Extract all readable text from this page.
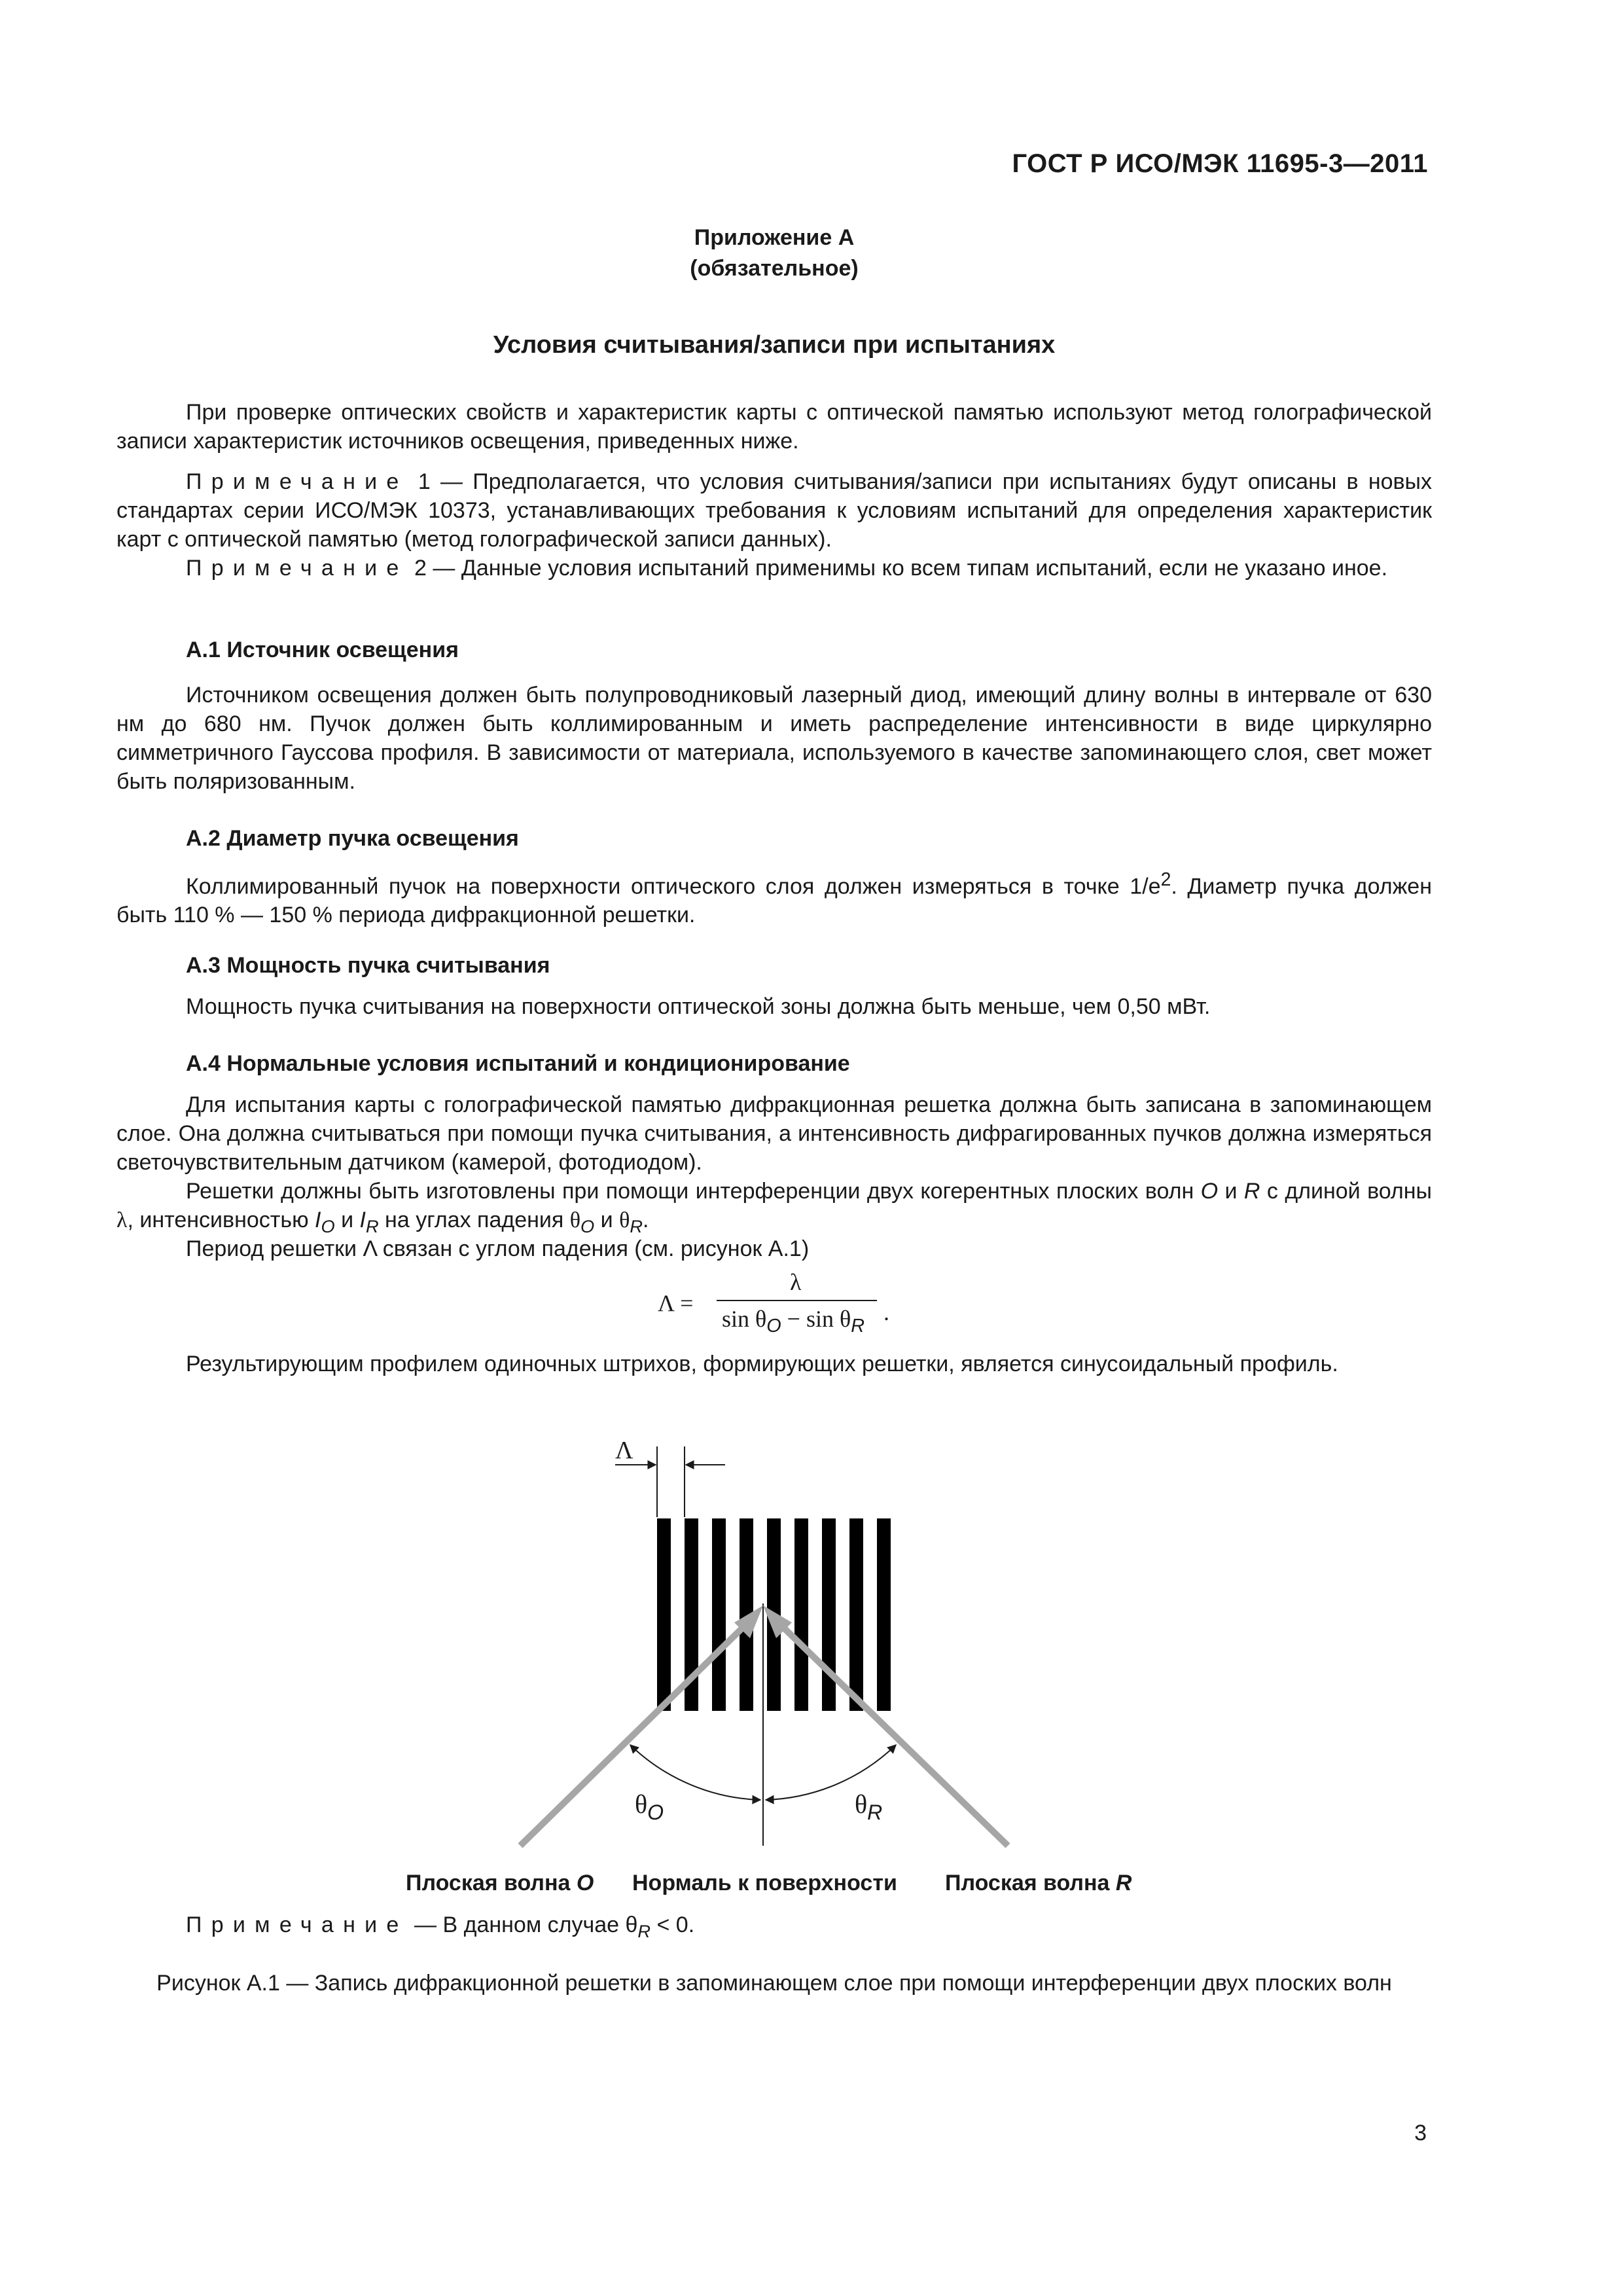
ГОСТ Р ИСО/МЭК 11695-3—2011
Приложение А
(обязательное)
Условия считывания/записи при испытаниях
При проверке оптических свойств и характеристик карты с оптической памятью используют метод голографической записи характеристик источников освещения, приведенных ниже.
Примечание 1 — Предполагается, что условия считывания/записи при испытаниях будут описаны в новых стандартах серии ИСО/МЭК 10373, устанавливающих требования к условиям испытаний для определения характеристик карт с оптической памятью (метод голографической записи данных).
Примечание 2 — Данные условия испытаний применимы ко всем типам испытаний, если не указано иное.
А.1 Источник освещения
Источником освещения должен быть полупроводниковый лазерный диод, имеющий длину волны в интервале от 630 нм до 680 нм. Пучок должен быть коллимированным и иметь распределение интенсивности в виде циркулярно симметричного Гауссова профиля. В зависимости от материала, используемого в качестве запоминающего слоя, свет может быть поляризованным.
А.2 Диаметр пучка освещения
Коллимированный пучок на поверхности оптического слоя должен измеряться в точке $1/e^2$. Диаметр пучка должен быть 110 % — 150 % периода дифракционной решетки.
А.3 Мощность пучка считывания
Мощность пучка считывания на поверхности оптической зоны должна быть меньше, чем 0,50 мВт.
А.4 Нормальные условия испытаний и кондиционирование
Для испытания карты с голографической памятью дифракционная решетка должна быть записана в запоминающем слое. Она должна считываться при помощи пучка считывания, а интенсивность дифрагированных пучков должна измеряться светочувствительным датчиком (камерой, фотодиодом).
Решетки должны быть изготовлены при помощи интерференции двух когерентных плоских волн O и R с длиной волны λ, интенсивностью $I_O$ и $I_R$ на углах падения $\theta_O$ и $\theta_R$.
Период решетки Λ связан с углом падения (см. рисунок А.1)
Λ =
λ
$\sin \theta_O - \sin \theta_R$
.
Результирующим профилем одиночных штрихов, формирующих решетки, является синусоидальный профиль.
Λ
$\theta_O$	$\theta_R$
Плоская волна O Нормаль к поверхности Плоская волна R
Примечание — В данном случае $\theta_R < 0$.
Рисунок А.1 — Запись дифракционной решетки в запоминающем слое при помощи интерференции двух плоских волн
3
